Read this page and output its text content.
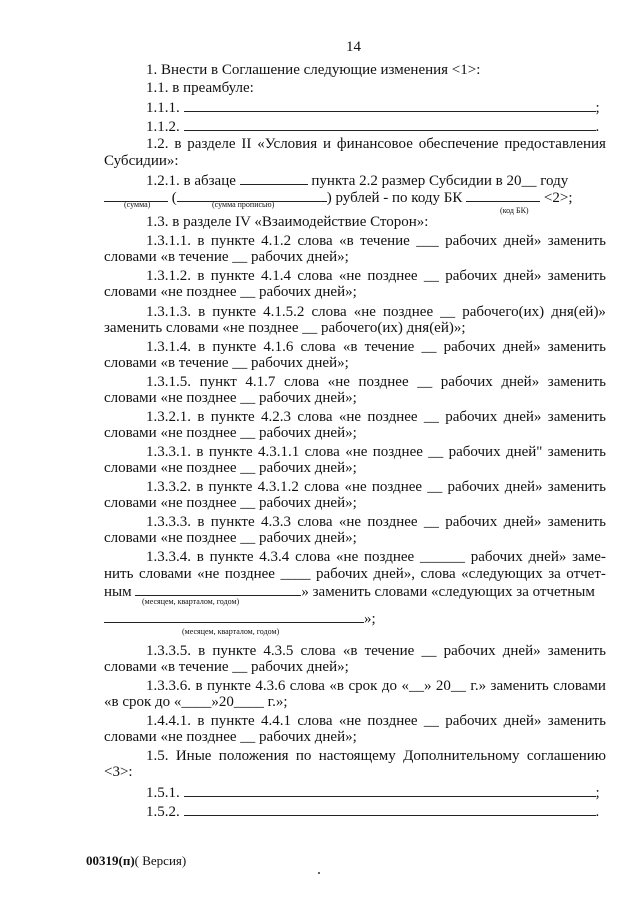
14
1. Внести в Соглашение следующие изменения <1>:
1.1. в преамбуле:
1.1.1.	;
1.1.2.	.
1.2. в разделе II «Условия и финансовое обеспечение предоставления
Субсидии»:
1.2.1. в абзаце	пункта 2.2 размер Субсидии в 20__ году
(	) рублей - по коду БК	<2>;
(сумма)	(сумма прописью)
(код БК)
1.3. в разделе IV «Взаимодействие Сторон»:
1.3.1.1. в пункте 4.1.2 слова «в течение ___ рабочих дней» заменить
словами «в течение __ рабочих дней»;
1.3.1.2. в пункте 4.1.4 слова «не позднее __ рабочих дней» заменить
словами «не позднее __ рабочих дней»;
1.3.1.3. в пункте 4.1.5.2 слова «не позднее __ рабочего(их) дня(ей)»
заменить словами «не позднее __ рабочего(их) дня(ей)»;
1.3.1.4. в пункте 4.1.6 слова «в течение __ рабочих дней» заменить
словами «в течение __ рабочих дней»;
1.3.1.5. пункт 4.1.7 слова «не позднее __ рабочих дней» заменить
словами «не позднее __ рабочих дней»;
1.3.2.1. в пункте 4.2.3 слова «не позднее __ рабочих дней» заменить
словами «не позднее __ рабочих дней»;
1.3.3.1. в пункте 4.3.1.1 слова «не позднее __ рабочих дней" заменить
словами «не позднее __ рабочих дней»;
1.3.3.2. в пункте 4.3.1.2 слова «не позднее __ рабочих дней» заменить
словами «не позднее __ рабочих дней»;
1.3.3.3. в пункте 4.3.3 слова «не позднее __ рабочих дней» заменить
словами «не позднее __ рабочих дней»;
1.3.3.4. в пункте 4.3.4 слова «не позднее ______ рабочих дней» заме-
нить словами «не позднее ____ рабочих дней», слова «следующих за отчет-
ным	» заменить словами «следующих за отчетным
(месяцем, кварталом, годом)
»;
(месяцем, кварталом, годом)
1.3.3.5. в пункте 4.3.5 слова «в течение __ рабочих дней» заменить
словами «в течение __ рабочих дней»;
1.3.3.6. в пункте 4.3.6 слова «в срок до «__» 20__ г.» заменить словами
«в срок до «____»20____ г.»;
1.4.4.1. в пункте 4.4.1 слова «не позднее __ рабочих дней» заменить
словами «не позднее __ рабочих дней»;
1.5. Иные положения по настоящему Дополнительному соглашению
<3>:
1.5.1.	;
1.5.2.	.
00319(п)( Версия)
